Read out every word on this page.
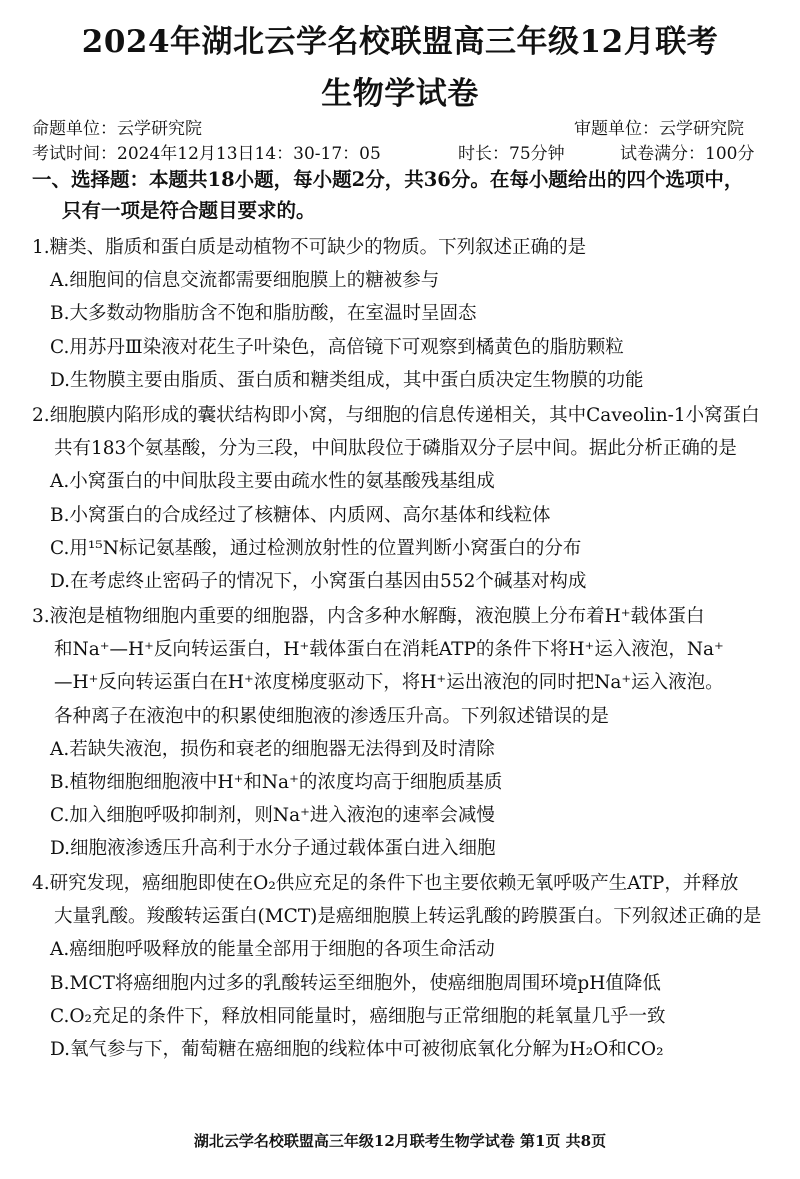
2024年湖北云学名校联盟高三年级12月联考
生物学试卷
命题单位：云学研究院	审题单位：云学研究院
考试时间：2024年12月13日14：30-17：05	时长：75分钟	试卷满分：100分
一、选择题：本题共18小题，每小题2分，共36分。在每小题给出的四个选项中，
只有一项是符合题目要求的。
1.糖类、脂质和蛋白质是动植物不可缺少的物质。下列叙述正确的是
A.细胞间的信息交流都需要细胞膜上的糖被参与
B.大多数动物脂肪含不饱和脂肪酸，在室温时呈固态
C.用苏丹Ⅲ染液对花生子叶染色，高倍镜下可观察到橘黄色的脂肪颗粒
D.生物膜主要由脂质、蛋白质和糖类组成，其中蛋白质决定生物膜的功能
2.细胞膜内陷形成的囊状结构即小窝，与细胞的信息传递相关，其中Caveolin-1小窝蛋白
共有183个氨基酸，分为三段，中间肽段位于磷脂双分子层中间。据此分析正确的是
A.小窝蛋白的中间肽段主要由疏水性的氨基酸残基组成
B.小窝蛋白的合成经过了核糖体、内质网、高尔基体和线粒体
C.用¹⁵N标记氨基酸，通过检测放射性的位置判断小窝蛋白的分布
D.在考虑终止密码子的情况下，小窝蛋白基因由552个碱基对构成
3.液泡是植物细胞内重要的细胞器，内含多种水解酶，液泡膜上分布着H⁺载体蛋白
和Na⁺—H⁺反向转运蛋白，H⁺载体蛋白在消耗ATP的条件下将H⁺运入液泡，Na⁺
—H⁺反向转运蛋白在H⁺浓度梯度驱动下，将H⁺运出液泡的同时把Na⁺运入液泡。
各种离子在液泡中的积累使细胞液的渗透压升高。下列叙述错误的是
A.若缺失液泡，损伤和衰老的细胞器无法得到及时清除
B.植物细胞细胞液中H⁺和Na⁺的浓度均高于细胞质基质
C.加入细胞呼吸抑制剂，则Na⁺进入液泡的速率会减慢
D.细胞液渗透压升高利于水分子通过载体蛋白进入细胞
4.研究发现，癌细胞即使在O₂供应充足的条件下也主要依赖无氧呼吸产生ATP，并释放
大量乳酸。羧酸转运蛋白(MCT)是癌细胞膜上转运乳酸的跨膜蛋白。下列叙述正确的是
A.癌细胞呼吸释放的能量全部用于细胞的各项生命活动
B.MCT将癌细胞内过多的乳酸转运至细胞外，使癌细胞周围环境pH值降低
C.O₂充足的条件下，释放相同能量时，癌细胞与正常细胞的耗氧量几乎一致
D.氧气参与下，葡萄糖在癌细胞的线粒体中可被彻底氧化分解为H₂O和CO₂
湖北云学名校联盟高三年级12月联考生物学试卷 第1页 共8页
